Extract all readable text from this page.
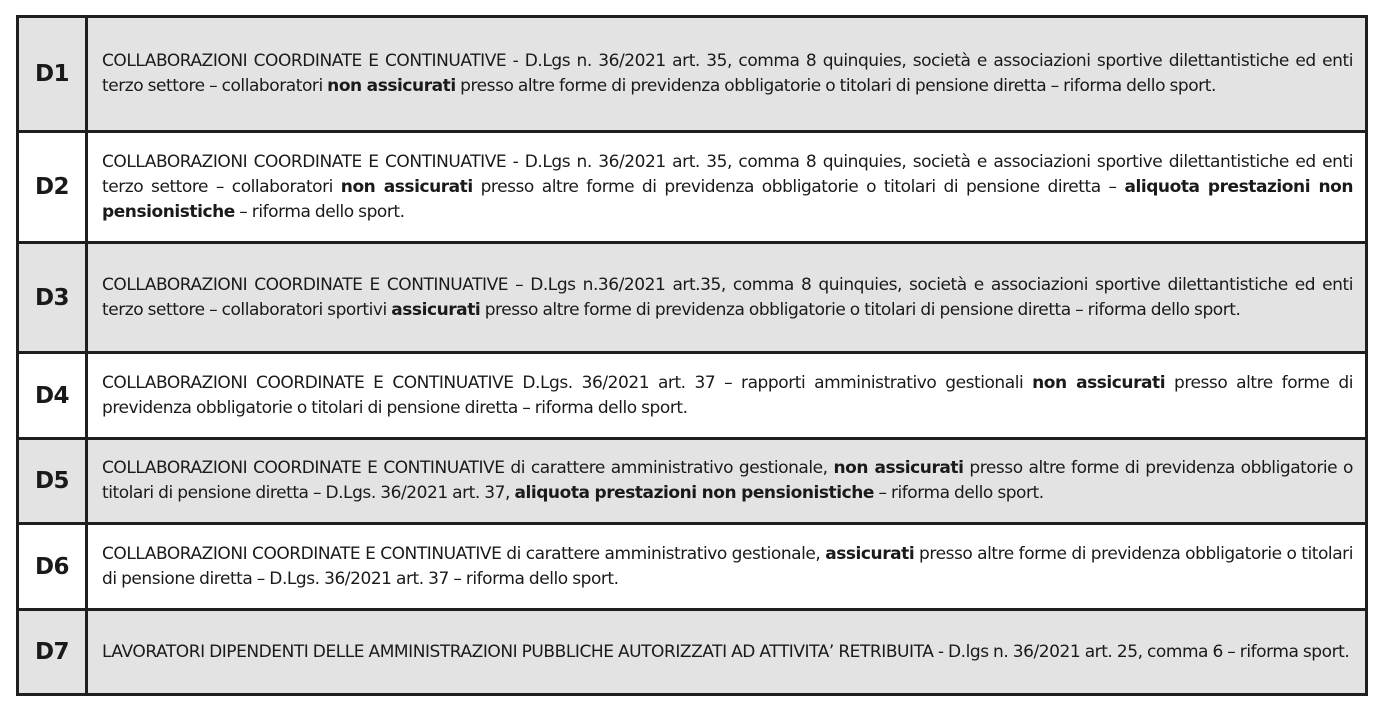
D1	COLLABORAZIONI COORDINATE E CONTINUATIVE - D.Lgs n. 36/2021 art. 35, comma 8 quinquies, società e associazioni sportive dilettantistiche ed enti terzo settore – collaboratori non assicurati presso altre forme di previdenza obbligatorie o titolari di pensione diretta – riforma dello sport.
D2	COLLABORAZIONI COORDINATE E CONTINUATIVE - D.Lgs n. 36/2021 art. 35, comma 8 quinquies, società e associazioni sportive dilettantistiche ed enti terzo settore – collaboratori non assicurati presso altre forme di previdenza obbligatorie o titolari di pensione diretta – aliquota prestazioni non pensionistiche – riforma dello sport.
D3	COLLABORAZIONI COORDINATE E CONTINUATIVE – D.Lgs n.36/2021 art.35, comma 8 quinquies, società e associazioni sportive dilettantistiche ed enti terzo settore – collaboratori sportivi assicurati presso altre forme di previdenza obbligatorie o titolari di pensione diretta – riforma dello sport.
D4	COLLABORAZIONI COORDINATE E CONTINUATIVE D.Lgs. 36/2021 art. 37 – rapporti amministrativo gestionali non assicurati presso altre forme di previdenza obbligatorie o titolari di pensione diretta – riforma dello sport.
D5	COLLABORAZIONI COORDINATE E CONTINUATIVE di carattere amministrativo gestionale, non assicurati presso altre forme di previdenza obbligatorie o titolari di pensione diretta – D.Lgs. 36/2021 art. 37, aliquota prestazioni non pensionistiche – riforma dello sport.
D6	COLLABORAZIONI COORDINATE E CONTINUATIVE di carattere amministrativo gestionale, assicurati presso altre forme di previdenza obbligatorie o titolari di pensione diretta – D.Lgs. 36/2021 art. 37 – riforma dello sport.
D7	LAVORATORI DIPENDENTI DELLE AMMINISTRAZIONI PUBBLICHE AUTORIZZATI AD ATTIVITA’ RETRIBUITA - D.lgs n. 36/2021 art. 25, comma 6 – riforma sport.
